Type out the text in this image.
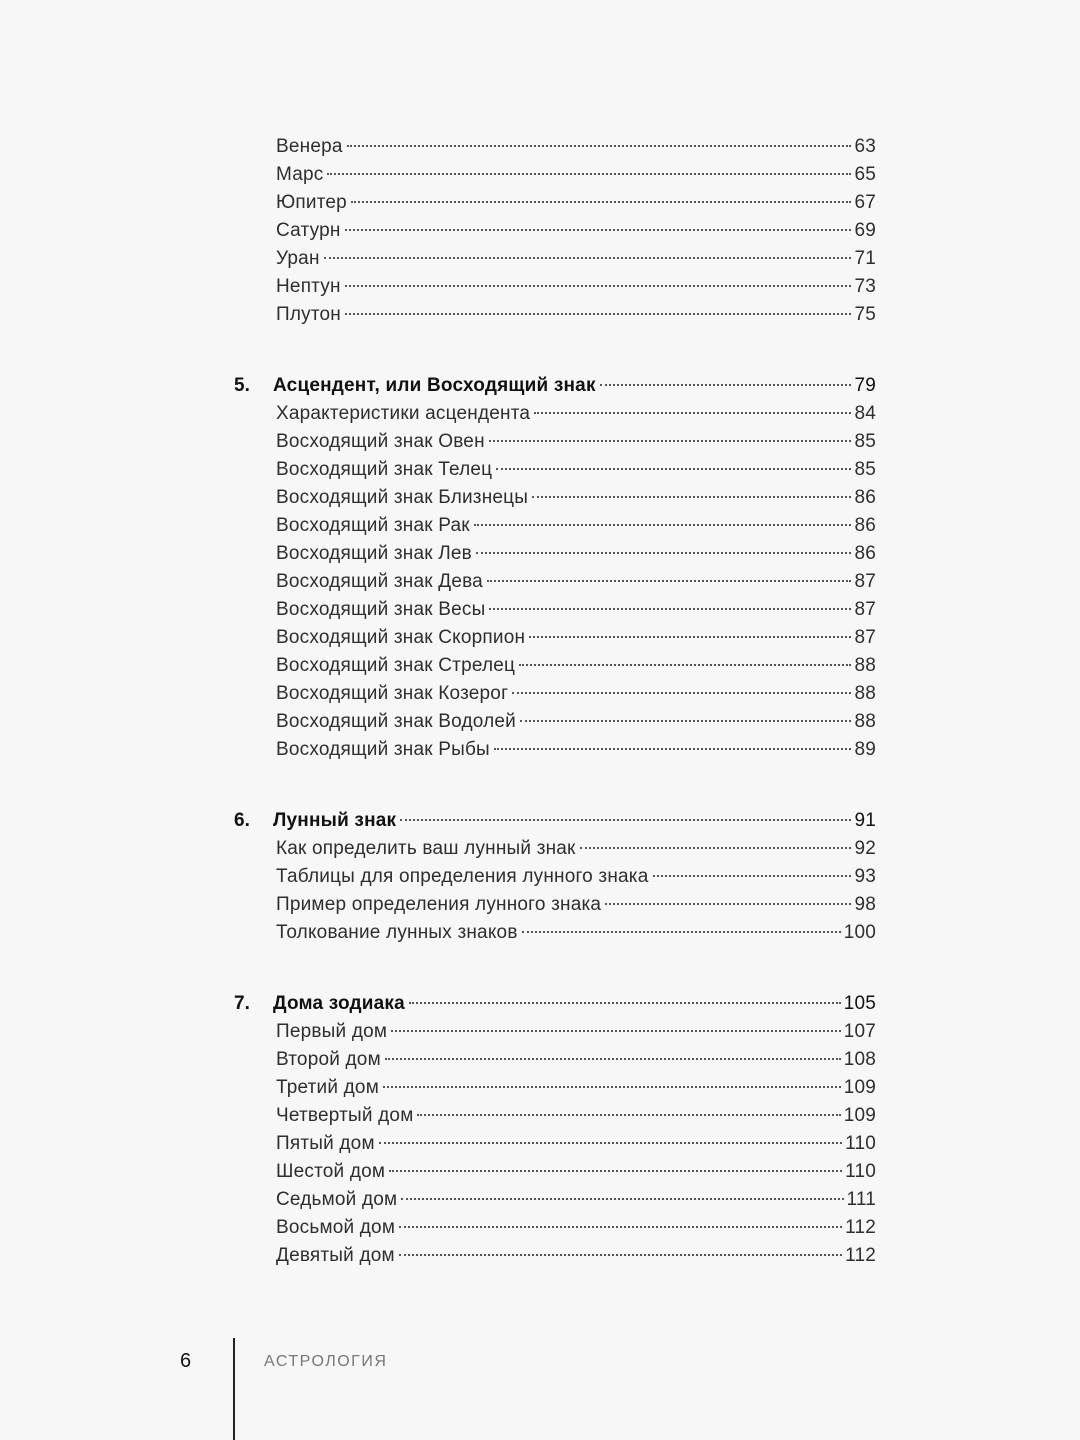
Венера	63
Марс	65
Юпитер	67
Сатурн	69
Уран	71
Нептун	73
Плутон	75
5. Асцендент, или Восходящий знак	79
Характеристики асцендента	84
Восходящий знак Овен	85
Восходящий знак Телец	85
Восходящий знак Близнецы	86
Восходящий знак Рак	86
Восходящий знак Лев	86
Восходящий знак Дева	87
Восходящий знак Весы	87
Восходящий знак Скорпион	87
Восходящий знак Стрелец	88
Восходящий знак Козерог	88
Восходящий знак Водолей	88
Восходящий знак Рыбы	89
6. Лунный знак	91
Как определить ваш лунный знак	92
Таблицы для определения лунного знака	93
Пример определения лунного знака	98
Толкование лунных знаков	100
7. Дома зодиака	105
Первый дом	107
Второй дом	108
Третий дом	109
Четвертый дом	109
Пятый дом	110
Шестой дом	110
Седьмой дом	111
Восьмой дом	112
Девятый дом	112
6	АСТРОЛОГИЯ
